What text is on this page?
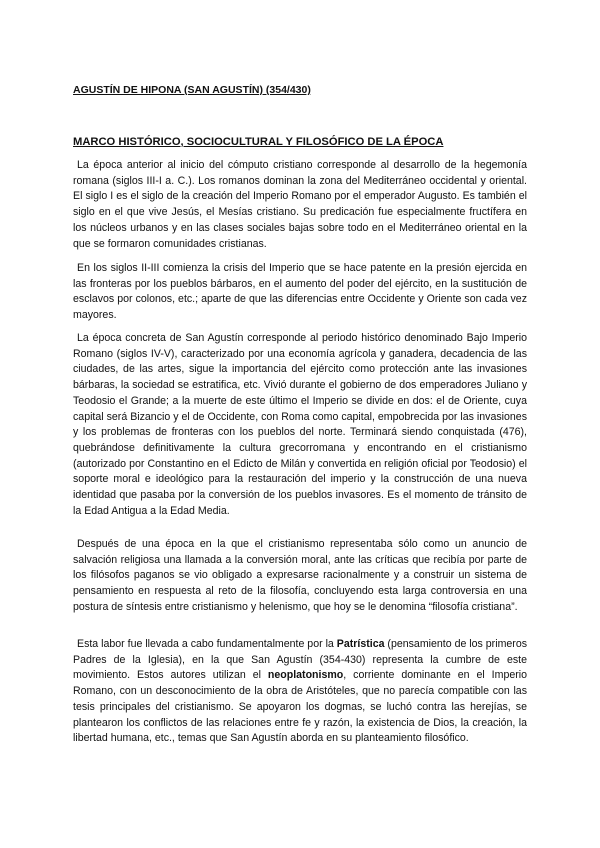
AGUSTÍN DE HIPONA (SAN AGUSTÍN) (354/430)
MARCO HISTÓRICO, SOCIOCULTURAL Y FILOSÓFICO DE LA ÉPOCA

La época anterior al inicio del cómputo cristiano corresponde al desarrollo de la hegemonía romana (siglos III-I a. C.). Los romanos dominan la zona del Mediterráneo occidental y oriental. El siglo I es el siglo de la creación del Imperio Romano por el emperador Augusto. Es también el siglo en el que vive Jesús, el Mesías cristiano. Su predicación fue especialmente fructífera en los núcleos urbanos y en las clases sociales bajas sobre todo en el Mediterráneo oriental en la que se formaron comunidades cristianas.

En los siglos II-III comienza la crisis del Imperio que se hace patente en la presión ejercida en las fronteras por los pueblos bárbaros, en el aumento del poder del ejército, en la sustitución de esclavos por colonos, etc.; aparte de que las diferencias entre Occidente y Oriente son cada vez mayores.

La época concreta de San Agustín corresponde al periodo histórico denominado Bajo Imperio Romano (siglos IV-V), caracterizado por una economía agrícola y ganadera, decadencia de las ciudades, de las artes, sigue la importancia del ejército como protección ante las invasiones bárbaras, la sociedad se estratifica, etc. Vivió durante el gobierno de dos emperadores Juliano y Teodosio el Grande; a la muerte de este último el Imperio se divide en dos: el de Oriente, cuya capital será Bizancio y el de Occidente, con Roma como capital, empobrecida por las invasiones y los problemas de fronteras con los pueblos del norte. Terminará siendo conquistada (476), quebrándose definitivamente la cultura grecorromana y encontrando en el cristianismo (autorizado por Constantino en el Edicto de Milán y convertida en religión oficial por Teodosio) el soporte moral e ideológico para la restauración del imperio y la construcción de una nueva identidad que pasaba por la conversión de los pueblos invasores. Es el momento de tránsito de la Edad Antigua a la Edad Media.

Después de una época en la que el cristianismo representaba sólo como un anuncio de salvación religiosa una llamada a la conversión moral, ante las críticas que recibía por parte de los filósofos paganos se vio obligado a expresarse racionalmente y a construir un sistema de pensamiento en respuesta al reto de la filosofía, concluyendo esta larga controversia en una postura de síntesis entre cristianismo y helenismo, que hoy se le denomina “filosofía cristiana”.

Esta labor fue llevada a cabo fundamentalmente por la Patrística (pensamiento de los primeros Padres de la Iglesia), en la que San Agustín (354-430) representa la cumbre de este movimiento. Estos autores utilizan el neoplatonismo, corriente dominante en el Imperio Romano, con un desconocimiento de la obra de Aristóteles, que no parecía compatible con las tesis principales del cristianismo. Se apoyaron los dogmas, se luchó contra las herejías, se plantearon los conflictos de las relaciones entre fe y razón, la existencia de Dios, la creación, la libertad humana, etc., temas que San Agustín aborda en su planteamiento filosófico.
